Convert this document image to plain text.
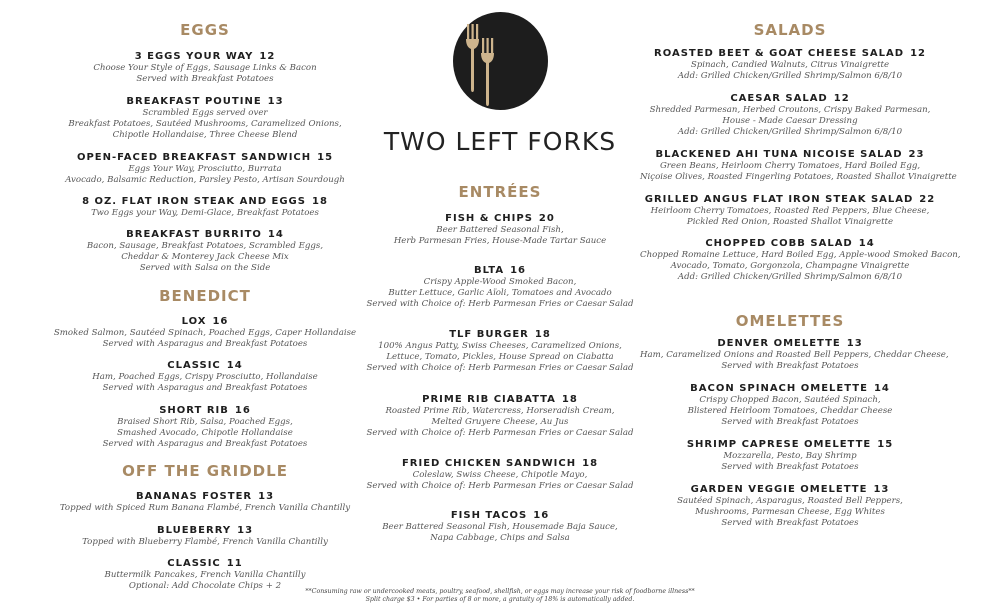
EGGS
3 EGGS YOUR WAY 12
Choose Your Style of Eggs, Sausage Links & Bacon
Served with Breakfast Potatoes
BREAKFAST POUTINE 13
Scrambled Eggs served over
Breakfast Potatoes, Sautéed Mushrooms, Caramelized Onions,
Chipotle Hollandaise, Three Cheese Blend
OPEN-FACED BREAKFAST SANDWICH 15
Eggs Your Way, Prosciutto, Burrata
Avocado, Balsamic Reduction, Parsley Pesto, Artisan Sourdough
8 OZ. FLAT IRON STEAK AND EGGS 18
Two Eggs your Way, Demi-Glace, Breakfast Potatoes
BREAKFAST BURRITO 14
Bacon, Sausage, Breakfast Potatoes, Scrambled Eggs,
Cheddar & Monterey Jack Cheese Mix
Served with Salsa on the Side
BENEDICT
LOX 16
Smoked Salmon, Sautéed Spinach, Poached Eggs, Caper Hollandaise
Served with Asparagus and Breakfast Potatoes
CLASSIC 14
Ham, Poached Eggs, Crispy Prosciutto, Hollandaise
Served with Asparagus and Breakfast Potatoes
SHORT RIB 16
Braised Short Rib, Salsa, Poached Eggs,
Smashed Avocado, Chipotle Hollandaise
Served with Asparagus and Breakfast Potatoes
OFF THE GRIDDLE
BANANAS FOSTER 13
Topped with Spiced Rum Banana Flambé, French Vanilla Chantilly
BLUEBERRY 13
Topped with Blueberry Flambé, French Vanilla Chantilly
CLASSIC 11
Buttermilk Pancakes, French Vanilla Chantilly
Optional: Add Chocolate Chips + 2
TWO LEFT FORKS
ENTRÉES
FISH & CHIPS 20
Beer Battered Seasonal Fish,
Herb Parmesan Fries, House-Made Tartar Sauce
BLTA 16
Crispy Apple-Wood Smoked Bacon,
Butter Lettuce, Garlic Aïoli, Tomatoes and Avocado
Served with Choice of: Herb Parmesan Fries or Caesar Salad
TLF BURGER 18
100% Angus Patty, Swiss Cheeses, Caramelized Onions,
Lettuce, Tomato, Pickles, House Spread on Ciabatta
Served with Choice of: Herb Parmesan Fries or Caesar Salad
PRIME RIB CIABATTA 18
Roasted Prime Rib, Watercress, Horseradish Cream,
Melted Gruyere Cheese, Au Jus
Served with Choice of: Herb Parmesan Fries or Caesar Salad
FRIED CHICKEN SANDWICH 18
Coleslaw, Swiss Cheese, Chipotle Mayo,
Served with Choice of: Herb Parmesan Fries or Caesar Salad
FISH TACOS 16
Beer Battered Seasonal Fish, Housemade Baja Sauce,
Napa Cabbage, Chips and Salsa
SALADS
ROASTED BEET & GOAT CHEESE SALAD 12
Spinach, Candied Walnuts, Citrus Vinaigrette
Add: Grilled Chicken/Grilled Shrimp/Salmon 6/8/10
CAESAR SALAD 12
Shredded Parmesan, Herbed Croutons, Crispy Baked Parmesan,
House - Made Caesar Dressing
Add: Grilled Chicken/Grilled Shrimp/Salmon 6/8/10
BLACKENED AHI TUNA NICOISE SALAD 23
Green Beans, Heirloom Cherry Tomatoes, Hard Boiled Egg,
Niçoise Olives, Roasted Fingerling Potatoes, Roasted Shallot Vinaigrette
GRILLED ANGUS FLAT IRON STEAK SALAD 22
Heirloom Cherry Tomatoes, Roasted Red Peppers, Blue Cheese,
Pickled Red Onion, Roasted Shallot Vinaigrette
CHOPPED COBB SALAD 14
Chopped Romaine Lettuce, Hard Boiled Egg, Apple-wood Smoked Bacon,
Avocado, Tomato, Gorgonzola, Champagne Vinaigrette
Add: Grilled Chicken/Grilled Shrimp/Salmon 6/8/10
OMELETTES
DENVER OMELETTE 13
Ham, Caramelized Onions and Roasted Bell Peppers, Cheddar Cheese,
Served with Breakfast Potatoes
BACON SPINACH OMELETTE 14
Crispy Chopped Bacon, Sautéed Spinach,
Blistered Heirloom Tomatoes, Cheddar Cheese
Served with Breakfast Potatoes
SHRIMP CAPRESE OMELETTE 15
Mozzarella, Pesto, Bay Shrimp
Served with Breakfast Potatoes
GARDEN VEGGIE OMELETTE 13
Sautéed Spinach, Asparagus, Roasted Bell Peppers,
Mushrooms, Parmesan Cheese, Egg Whites
Served with Breakfast Potatoes
**Consuming raw or undercooked meats, poultry, seafood, shellfish, or eggs may increase your risk of foodborne illness**
Split charge $3 • For parties of 8 or more, a gratuity of 18% is automatically added.
